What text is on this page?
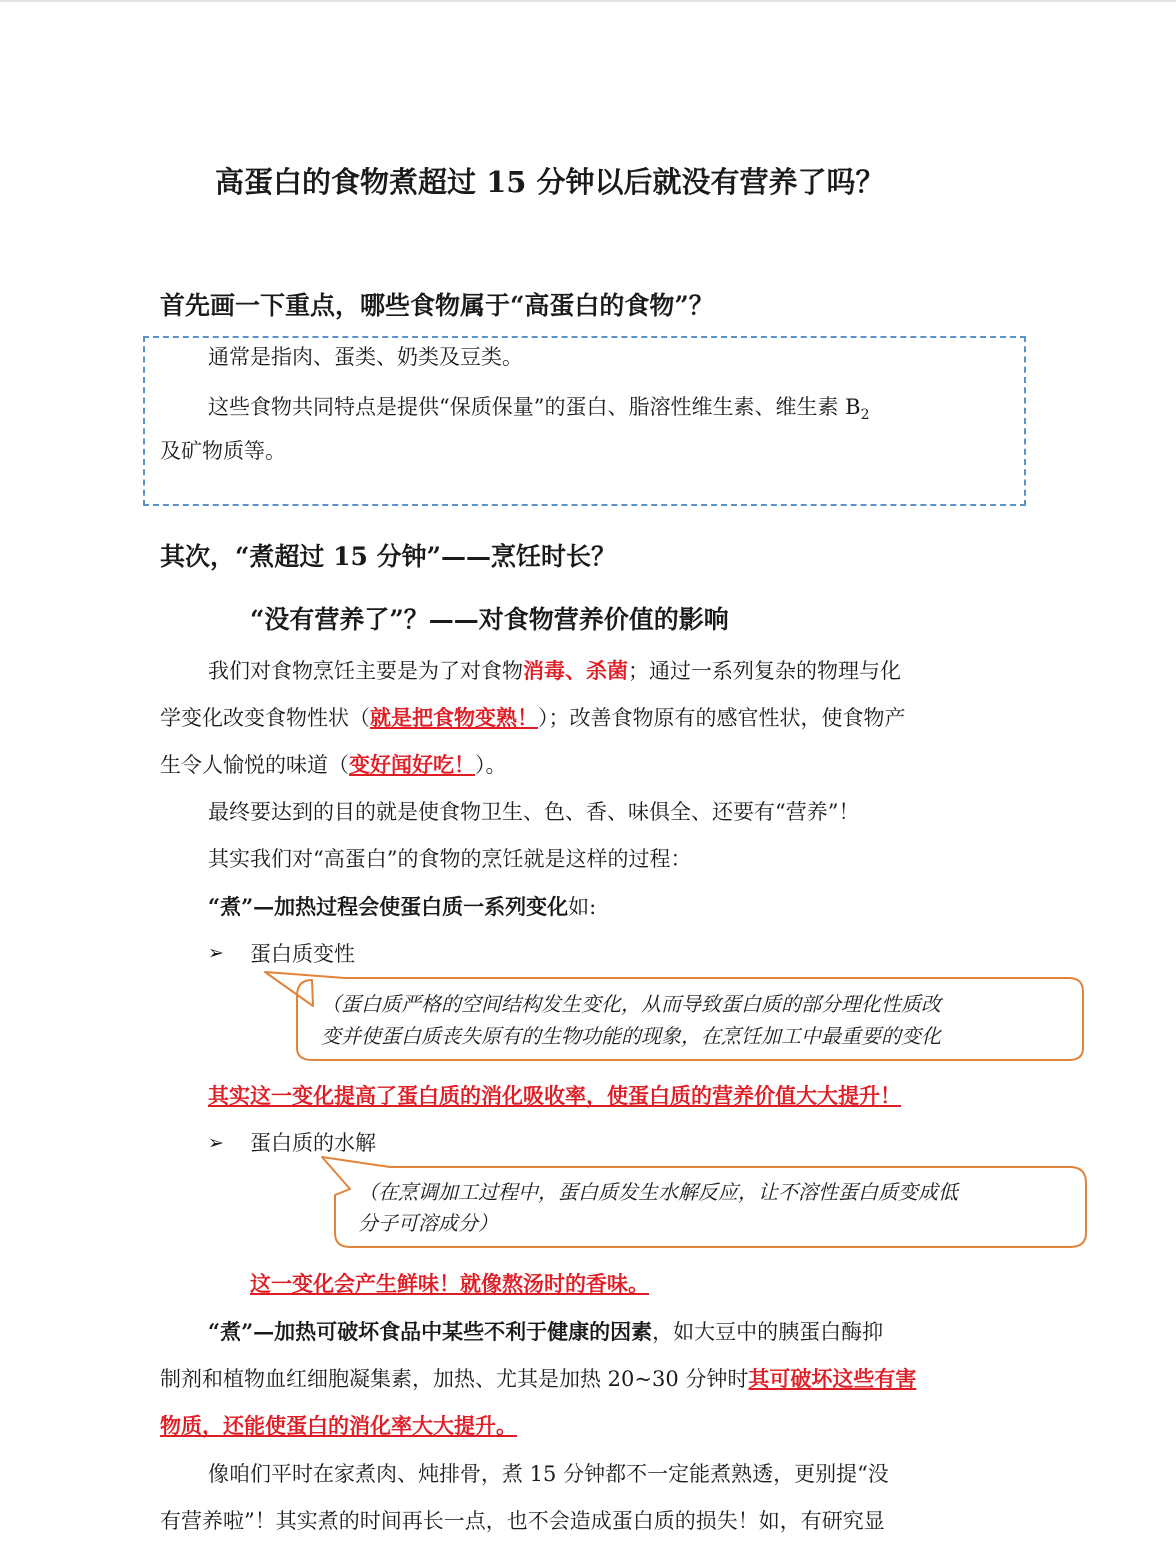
高蛋白的食物煮超过 15 分钟以后就没有营养了吗？
首先画一下重点，哪些食物属于“高蛋白的食物”？
通常是指肉、蛋类、奶类及豆类。
这些食物共同特点是提供“保质保量”的蛋白、脂溶性维生素、维生素 $B_2$
及矿物质等。
其次，“煮超过 15 分钟”——烹饪时长？
“没有营养了”？——对食物营养价值的影响
我们对食物烹饪主要是为了对食物消毒、杀菌；通过一系列复杂的物理与化
学变化改变食物性状（就是把食物变熟！）；改善食物原有的感官性状，使食物产
生令人愉悦的味道（变好闻好吃！）。
最终要达到的目的就是使食物卫生、色、香、味俱全、还要有“营养”！
其实我们对“高蛋白”的食物的烹饪就是这样的过程：
“煮”—加热过程会使蛋白质一系列变化如:
➢ 蛋白质变性
（蛋白质严格的空间结构发生变化，从而导致蛋白质的部分理化性质改
变并使蛋白质丧失原有的生物功能的现象，在烹饪加工中最重要的变化
其实这一变化提高了蛋白质的消化吸收率，使蛋白质的营养价值大大提升！
➢ 蛋白质的水解
（在烹调加工过程中，蛋白质发生水解反应，让不溶性蛋白质变成低
分子可溶成分）
这一变化会产生鲜味！就像熬汤时的香味。
“煮”—加热可破坏食品中某些不利于健康的因素，如大豆中的胰蛋白酶抑
制剂和植物血红细胞凝集素，加热、尤其是加热 20~30 分钟时其可破坏这些有害
物质，还能使蛋白的消化率大大提升。
像咱们平时在家煮肉、炖排骨，煮 15 分钟都不一定能煮熟透，更别提“没
有营养啦”！其实煮的时间再长一点，也不会造成蛋白质的损失！如，有研究显
